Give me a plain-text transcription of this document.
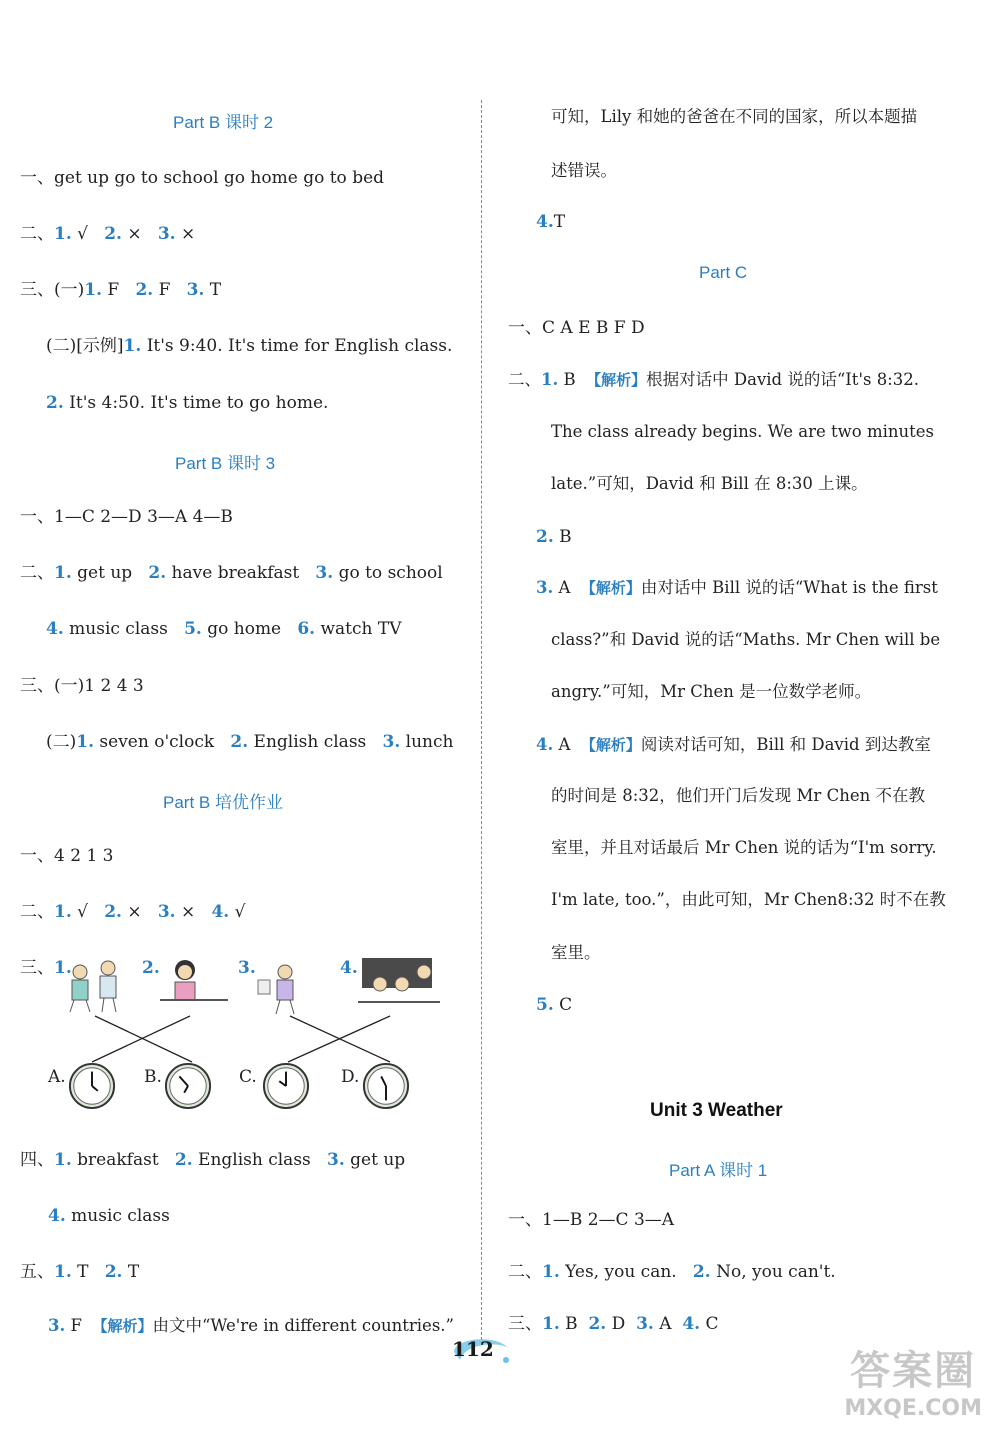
Part B 课时 2
一、get up go to school go home go to bed
二、1. √ 2. × 3. ×
三、(一)1. F 2. F 3. T
(二)[示例]1. It's 9:40. It's time for English class.
2. It's 4:50. It's time to go home.
Part B 课时 3
一、1—C 2—D 3—A 4—B
二、1. get up 2. have breakfast 3. go to school
4. music class 5. go home 6. watch TV
三、(一)1 2 4 3
(二)1. seven o'clock 2. English class 3. lunch
Part B 培优作业
一、4 2 1 3
二、1. √ 2. × 3. × 4. √
三、1.	2.	3.	4.
A.	B.	C.	D.
四、1. breakfast 2. English class 3. get up
4. music class
五、1. T 2. T
3. F 【解析】由文中“We're in different countries.”
可知，Lily 和她的爸爸在不同的国家，所以本题描
述错误。
4.T
Part C
一、C A E B F D
二、1. B 【解析】根据对话中 David 说的话“It's 8:32.
The class already begins. We are two minutes
late.”可知，David 和 Bill 在 8:30 上课。
2. B
3. A 【解析】由对话中 Bill 说的话“What is the first
class?”和 David 说的话“Maths. Mr Chen will be
angry.”可知，Mr Chen 是一位数学老师。
4. A 【解析】阅读对话可知，Bill 和 David 到达教室
的时间是 8:32，他们开门后发现 Mr Chen 不在教
室里，并且对话最后 Mr Chen 说的话为“I'm sorry.
I'm late, too.”，由此可知，Mr Chen8:32 时不在教
室里。
5. C
Unit 3 Weather
Part A 课时 1
一、1—B 2—C 3—A
二、1. Yes, you can. 2. No, you can't.
三、1. B 2. D 3. A 4. C
112	答案圈
MXQE.COM
